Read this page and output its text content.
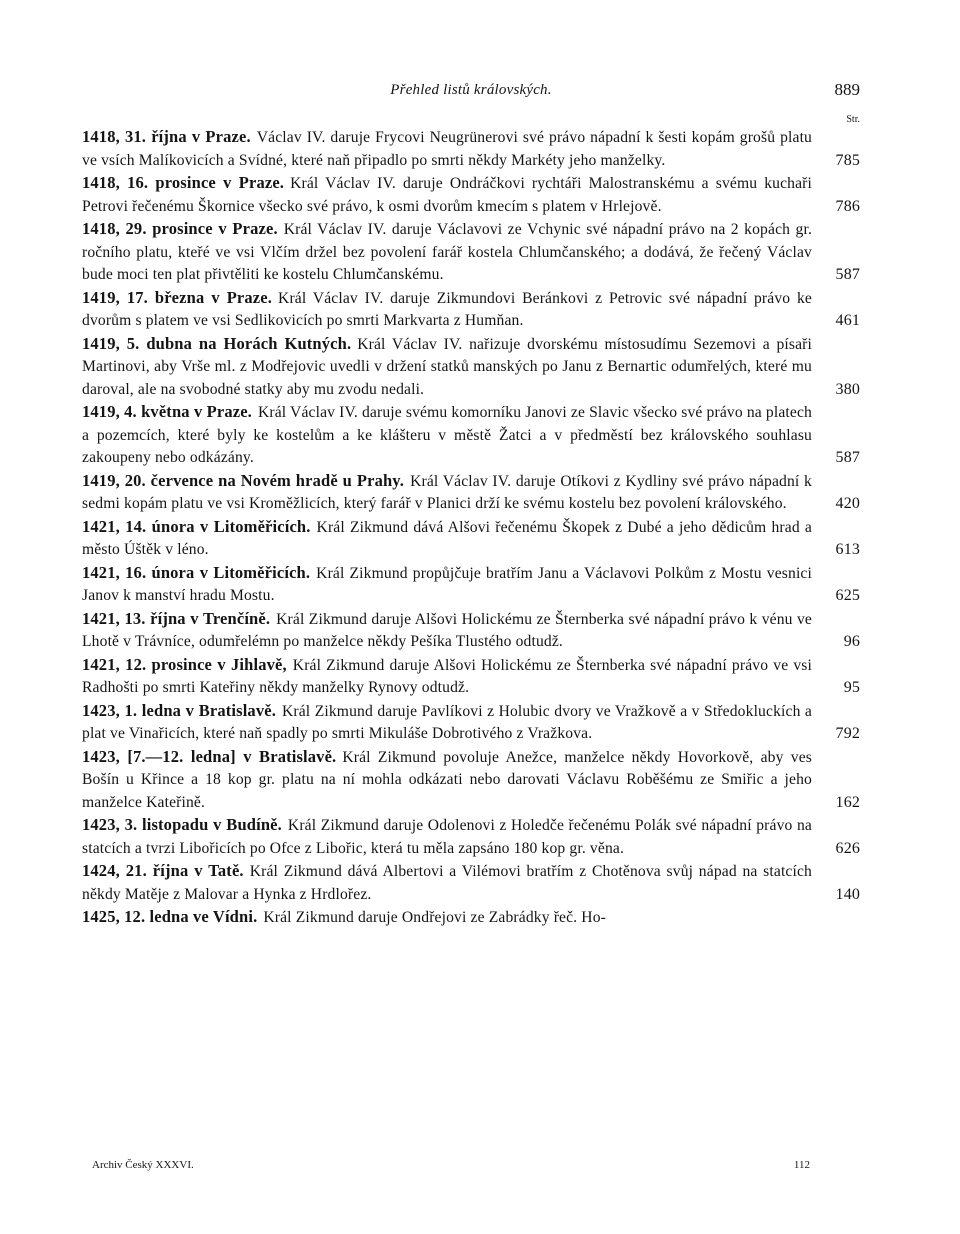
Přehled listů královských.	889
Str.
1418, 31. října v Praze. Václav IV. daruje Frycovi Neugrünerovi své právo nápadní k šesti kopám grošů platu ve vsích Malíkovicích a Svídné, které naň připadlo po smrti někdy Markéty jeho manželky.	785
1418, 16. prosince v Praze. Král Václav IV. daruje Ondráčkovi rychtáři Malostranskému a svému kuchaři Petrovi řečenému Škornice všecko své právo, k osmi dvorům kmecím s platem v Hrlejově.	786
1418, 29. prosince v Praze. Král Václav IV. daruje Václavovi ze Vchynic své nápadní právo na 2 kopách gr. ročního platu, kteřé ve vsi Vlčím držel bez povolení farář kostela Chlumčanského; a dodává, že řečený Václav bude moci ten plat přivtěliti ke kostelu Chlumčanskému.	587
1419, 17. března v Praze. Král Václav IV. daruje Zikmundovi Beránkovi z Petrovic své nápadní právo ke dvorům s platem ve vsi Sedlikovicích po smrti Markvarta z Humňan.	461
1419, 5. dubna na Horách Kutných. Král Václav IV. nařizuje dvorskému místosudímu Sezemovi a písaři Martinovi, aby Vrše ml. z Modřejovic uvedli v držení statků manských po Janu z Bernartic odumřelých, které mu daroval, ale na svobodné statky aby mu zvodu nedali.	380
1419, 4. května v Praze. Král Václav IV. daruje svému komorníku Janovi ze Slavic všecko své právo na platech a pozemcích, které byly ke kostelům a ke klášteru v městě Žatci a v předměstí bez královského souhlasu zakoupeny nebo odkázány.	587
1419, 20. července na Novém hradě u Prahy. Král Václav IV. daruje Otíkovi z Kydliny své právo nápadní k sedmi kopám platu ve vsi Kroměžlicích, který farář v Planici drží ke svému kostelu bez povolení královského.	420
1421, 14. února v Litoměřicích. Král Zikmund dává Alšovi řečenému Škopek z Dubé a jeho dědicům hrad a město Úštěk v léno.	613
1421, 16. února v Litoměřicích. Král Zikmund propůjčuje bratřím Janu a Václavovi Polkům z Mostu vesnici Janov k manství hradu Mostu.	625
1421, 13. října v Trenčíně. Král Zikmund daruje Alšovi Holickému ze Šternberka své nápadní právo k vénu ve Lhotě v Trávníce, odumřelémn po manželce někdy Pešíka Tlustého odtudž.	96
1421, 12. prosince v Jihlavě, Král Zikmund daruje Alšovi Holickému ze Šternberka své nápadní právo ve vsi Radhošti po smrti Kateřiny někdy manželky Rynovy odtudž.	95
1423, 1. ledna v Bratislavě. Král Zikmund daruje Pavlíkovi z Holubic dvory ve Vražkově a v Středokluckích a plat ve Vinařicích, které naň spadly po smrti Mikuláše Dobrotivého z Vražkova.	792
1423, [7.—12. ledna] v Bratislavě. Král Zikmund povoluje Anežce, manželce někdy Hovorkově, aby ves Bošín u Křince a 18 kop gr. platu na ní mohla odkázati nebo darovati Václavu Roběšému ze Smiřic a jeho manželce Kateřině.	162
1423, 3. listopadu v Budíně. Král Zikmund daruje Odolenovi z Holedče řečenému Polák své nápadní právo na statcích a tvrzi Libořicích po Ofce z Libořic, která tu měla zapsáno 180 kop gr. věna.	626
1424, 21. října v Tatě. Král Zikmund dává Albertovi a Vilémovi bratřím z Chotěnova svůj nápad na statcích někdy Matěje z Malovar a Hynka z Hrdlořez.	140
1425, 12. ledna ve Vídni. Král Zikmund daruje Ondřejovi ze Zabrádky řeč. Ho-
Archiv Český XXXVI.	112
